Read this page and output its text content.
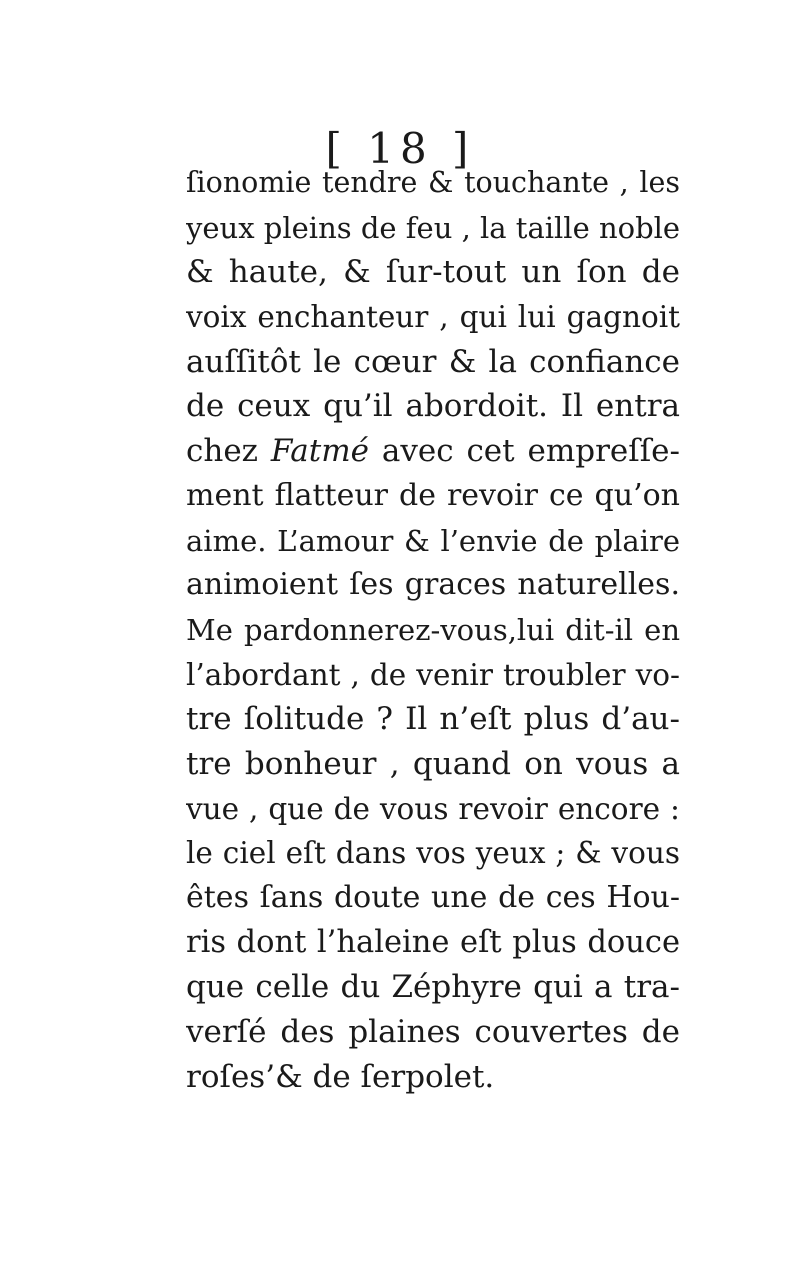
[ 18 ]
ſionomie tendre & touchante , les
yeux pleins de feu , la taille noble
& haute, & ſur-tout un ſon de
voix enchanteur , qui lui gagnoit
auſſitôt le cœur & la confiance
de ceux qu’il abordoit. Il entra
chez Fatmé avec cet empreſſe-
ment flatteur de revoir ce qu’on
aime. L’amour & l’envie de plaire
animoient ſes graces naturelles.
Me pardonnerez-vous,lui dit-il en
l’abordant , de venir troubler vo-
tre ſolitude ? Il n’eſt plus d’au-
tre bonheur , quand on vous a
vue , que de vous revoir encore :
le ciel eſt dans vos yeux ; & vous
êtes ſans doute une de ces Hou-
ris dont l’haleine eſt plus douce
que celle du Zéphyre qui a tra-
verſé des plaines couvertes de
roſes’& de ſerpolet.
